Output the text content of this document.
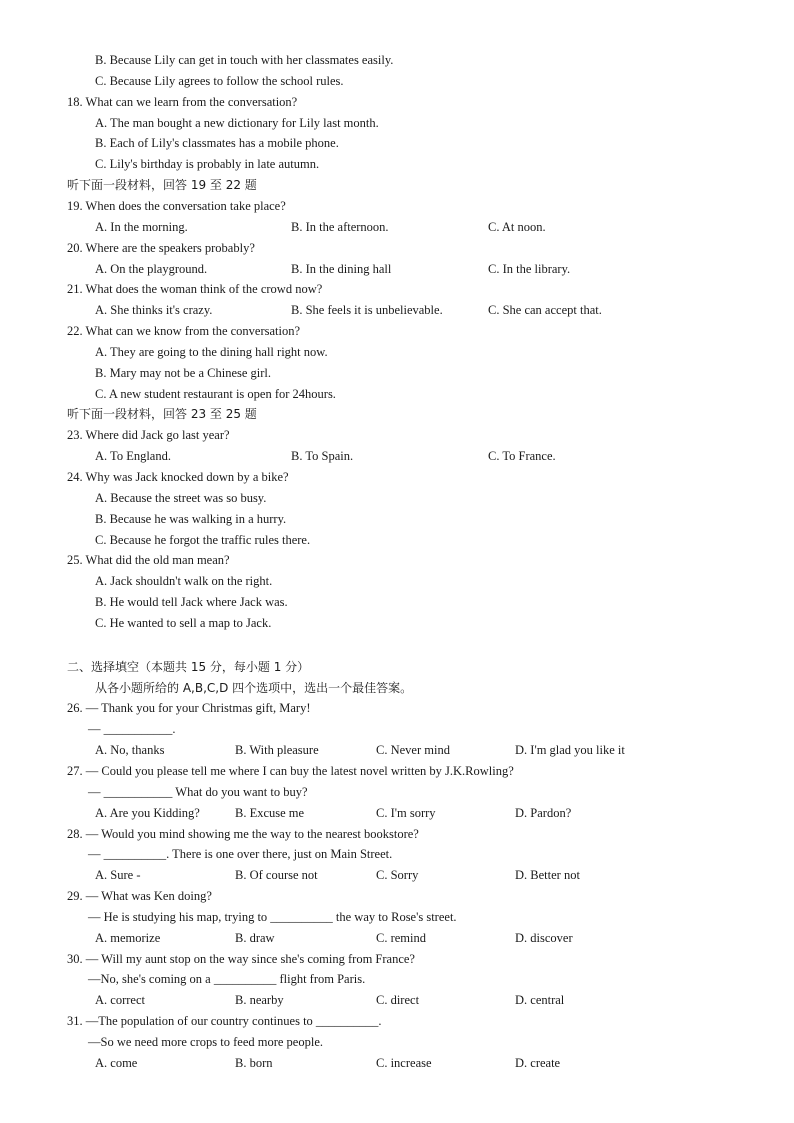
B. Because Lily can get in touch with her classmates easily.
C. Because Lily agrees to follow the school rules.
18. What can we learn from the conversation?
A. The man bought a new dictionary for Lily last month.
B. Each of Lily's classmates has a mobile phone.
C. Lily's birthday is probably in late autumn.
听下面一段材料，回答 19 至 22 题
19. When does the conversation take place?
A. In the morning.	B. In the afternoon.	C. At noon.
20. Where are the speakers probably?
A. On the playground.	B. In the dining hall	C. In the library.
21. What does the woman think of the crowd now?
A. She thinks it's crazy.	B. She feels it is unbelievable.	C. She can accept that.
22. What can we know from the conversation?
A. They are going to the dining hall right now.
B. Mary may not be a Chinese girl.
C. A new student restaurant is open for 24hours.
听下面一段材料，回答 23 至 25 题
23. Where did Jack go last year?
A. To England.	B. To Spain.	C. To France.
24. Why was Jack knocked down by a bike?
A. Because the street was so busy.
B. Because he was walking in a hurry.
C. Because he forgot the traffic rules there.
25. What did the old man mean?
A. Jack shouldn't walk on the right.
B. He would tell Jack where Jack was.
C. He wanted to sell a map to Jack.
二、选择填空（本题共 15 分，每小题 1 分）
从各小题所给的 A,B,C,D 四个选项中，选出一个最佳答案。
26. — Thank you for your Christmas gift, Mary!
— ___________.
A. No, thanks	B. With pleasure	C. Never mind	D. I'm glad you like it
27. — Could you please tell me where I can buy the latest novel written by J.K.Rowling?
— ___________ What do you want to buy?
A. Are you Kidding?	B. Excuse me	C. I'm sorry	D. Pardon?
28. — Would you mind showing me the way to the nearest bookstore?
— __________. There is one over there, just on Main Street.
A. Sure -	B. Of course not	C. Sorry	D. Better not
29. — What was Ken doing?
— He is studying his map, trying to __________ the way to Rose's street.
A. memorize	B. draw	C. remind	D. discover
30. — Will my aunt stop on the way since she's coming from France?
—No, she's coming on a __________ flight from Paris.
A. correct	B. nearby	C. direct	D. central
31. —The population of our country continues to __________.
—So we need more crops to feed more people.
A. come	B. born	C. increase	D. create
